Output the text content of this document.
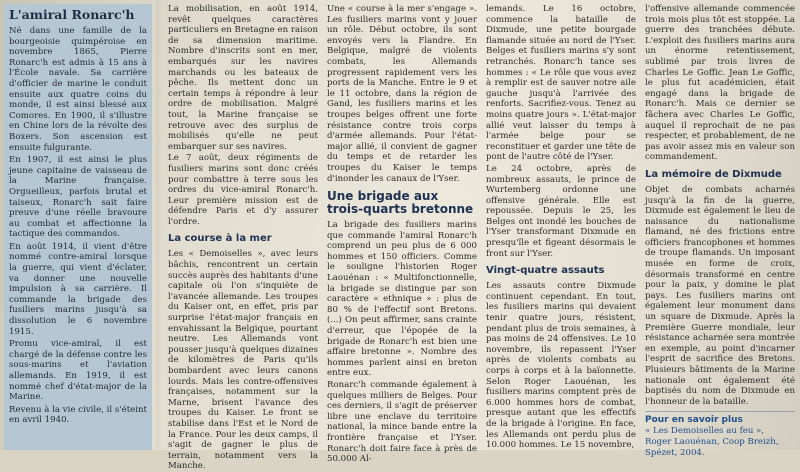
L'amiral Ronarc'h

Né dans une famille de la bourgeoisie quimpéroise en novembre 1865, Pierre Ronarc'h est admis à 15 ans à l'École navale. Sa carrière d'officier de marine le conduit ensuite aux quatre coins du monde, il est ainsi blessé aux Comores. En 1900, il s'illustre en Chine lors de la révolte des Boxers. Son ascension est ensuite fulgurante.

En 1907, il est ainsi le plus jeune capitaine de vaisseau de la Marine française. Orgueilleux, parfois brutal et taiseux, Ronarc'h sait faire preuve d'une réelle bravoure au combat et affectionne la tactique des commandos.

En août 1914, il vient d'être nommé contre-amiral lorsque la guerre, qui vient d'éclater, va donner une nouvelle impulsion à sa carrière. Il commande la brigade des fusiliers marins jusqu'à sa dissolution le 6 novembre 1915.

Promu vice-amiral, il est chargé de la défense contre les sous-marins et l'aviation allemands. En 1919, il est nommé chef d'état-major de la Marine.

Revenu à la vie civile, il s'éteint en avril 1940.

La mobilisation, en août 1914, revêt quelques caractères particuliers en Bretagne en raison de sa dimension maritime. Nombre d'inscrits sont en mer, embarqués sur les navires marchands ou les bateaux de pêche. Ils mettent donc un certain temps à répondre à leur ordre de mobilisation. Malgré tout, la Marine française se retrouve avec des surplus de mobilisés qu'elle ne peut embarquer sur ses navires.

Le 7 août, deux régiments de fusiliers marins sont donc créés pour combattre à terre sous les ordres du vice-amiral Ronarc'h. Leur première mission est de défendre Paris et d'y assurer l'ordre.

La course à la mer

Les « Demoiselles », avec leurs bâchis, rencontrent un certain succès auprès des habitants d'une capitale où l'on s'inquiète de l'avancée allemande. Les troupes du Kaiser ont, en effet, pris par surprise l'état-major français en envahissant la Belgique, pourtant neutre. Les Allemands vont pousser jusqu'à quelques dizaines de kilomètres de Paris qu'ils bombardent avec leurs canons lourds. Mais les contre-offensives françaises, notamment sur la Marne, brisent l'avance des troupes du Kaiser. Le front se stabilise dans l'Est et le Nord de la France. Pour les deux camps, il s'agit de gagner le plus de terrain, notamment vers la Manche.

Une « course à la mer s'engage ». Les fusiliers marins vont y jouer un rôle. Début octobre, ils sont envoyés vers la Flandre. En Belgique, malgré de violents combats, les Allemands progressent rapidement vers les ports de la Manche. Entre le 9 et le 11 octobre, dans la région de Gand, les fusiliers marins et les troupes belges offrent une forte résistance contre trois corps d'armée allemands. Pour l'état-major allié, il convient de gagner du temps et de retarder les troupes du Kaiser le temps d'inonder les canaux de l'Yser.

Une brigade aux trois-quarts bretonne

La brigade des fusiliers marins que commande l'amiral Ronarc'h comprend un peu plus de 6 000 hommes et 150 officiers. Comme le souligne l'historien Roger Laouénan : « Multifonctionnelle, la brigade se distingue par son caractère « ethnique » : plus de 80 % de l'effectif sont Bretons. (...) On peut affirmer, sans crainte d'erreur, que l'épopée de la brigade de Ronarc'h est bien une affaire bretonne ». Nombre des hommes parlent ainsi en breton entre eux.

Ronarc'h commande également à quelques milliers de Belges. Pour ces derniers, il s'agit de préserver libre une enclave du territoire national, la mince bande entre la frontière française et l'Yser. Ronarc'h doit faire face à près de 50.000 Al-

lemands. Le 16 octobre, commence la bataille de Dixmude, une petite bourgade flamande située au nord de l'Yser. Belges et fusiliers marins s'y sont retranchés. Ronarc'h tance ses hommes : « Le rôle que vous avez à remplir est de sauver notre aile gauche jusqu'à l'arrivée des renforts. Sacrifiez-vous. Tenez au moins quatre jours ». L'état-major allié veut laisser du temps à l'armée belge pour se reconstituer et garder une tête de pont de l'autre côté de l'Yser.

Le 24 octobre, après de nombreux assauts, le prince de Wurtemberg ordonne une offensive générale. Elle est repoussée. Depuis le 25, les Belges ont inondé les bouches de l'Yser transformant Dixmude en presqu'île et figeant désormais le front sur l'Yser.

Vingt-quatre assauts

Les assauts contre Dixmude continuent cependant. En tout, les fusiliers marins qui devaient tenir quatre jours, résistent, pendant plus de trois semaines, à pas moins de 24 offensives. Le 10 novembre, ils repassent l'Yser après de violents combats au corps à corps et à la baïonnette. Selon Roger Laouénan, les fusiliers marins comptent près de 6.000 hommes hors de combat, presque autant que les effectifs de la brigade à l'origine. En face, les Allemands ont perdu plus de 10.000 hommes. Le 15 novembre,

l'offensive allemande commencée trois mois plus tôt est stoppée. La guerre des tranchées débute. L'exploit des fusiliers marins aura un énorme retentissement, sublimé par trois livres de Charles Le Goffic. Jean Le Goffic, le plus fut académicien, était engagé dans la brigade de Ronarc'h. Mais ce dernier se fâchera avec Charles Le Goffic, auquel il reprochait de ne pas respecter, et probablement, de ne pas avoir assez mis en valeur son commandement.

La mémoire de Dixmude

Objet de combats acharnés jusqu'à la fin de la guerre, Dixmude est également le lieu de naissance du nationalisme flamand, né des frictions entre officiers francophones et hommes de troupe flamands. Un imposant musée en forme de croix, désormais transformé en centre pour la paix, y domine le plat pays. Les fusiliers marins ont également leur monument dans un square de Dixmude. Après la Première Guerre mondiale, leur résistance acharnée sera montrée en exemple, au point d'incarner l'esprit de sacrifice des Bretons. Plusieurs bâtiments de la Marine nationale ont également été baptisés du nom de Dixmude en l'honneur de la bataille.

Pour en savoir plus
« Les Demoiselles au feu »,
Roger Laouénan, Coop Breizh,
Spézet, 2004.
